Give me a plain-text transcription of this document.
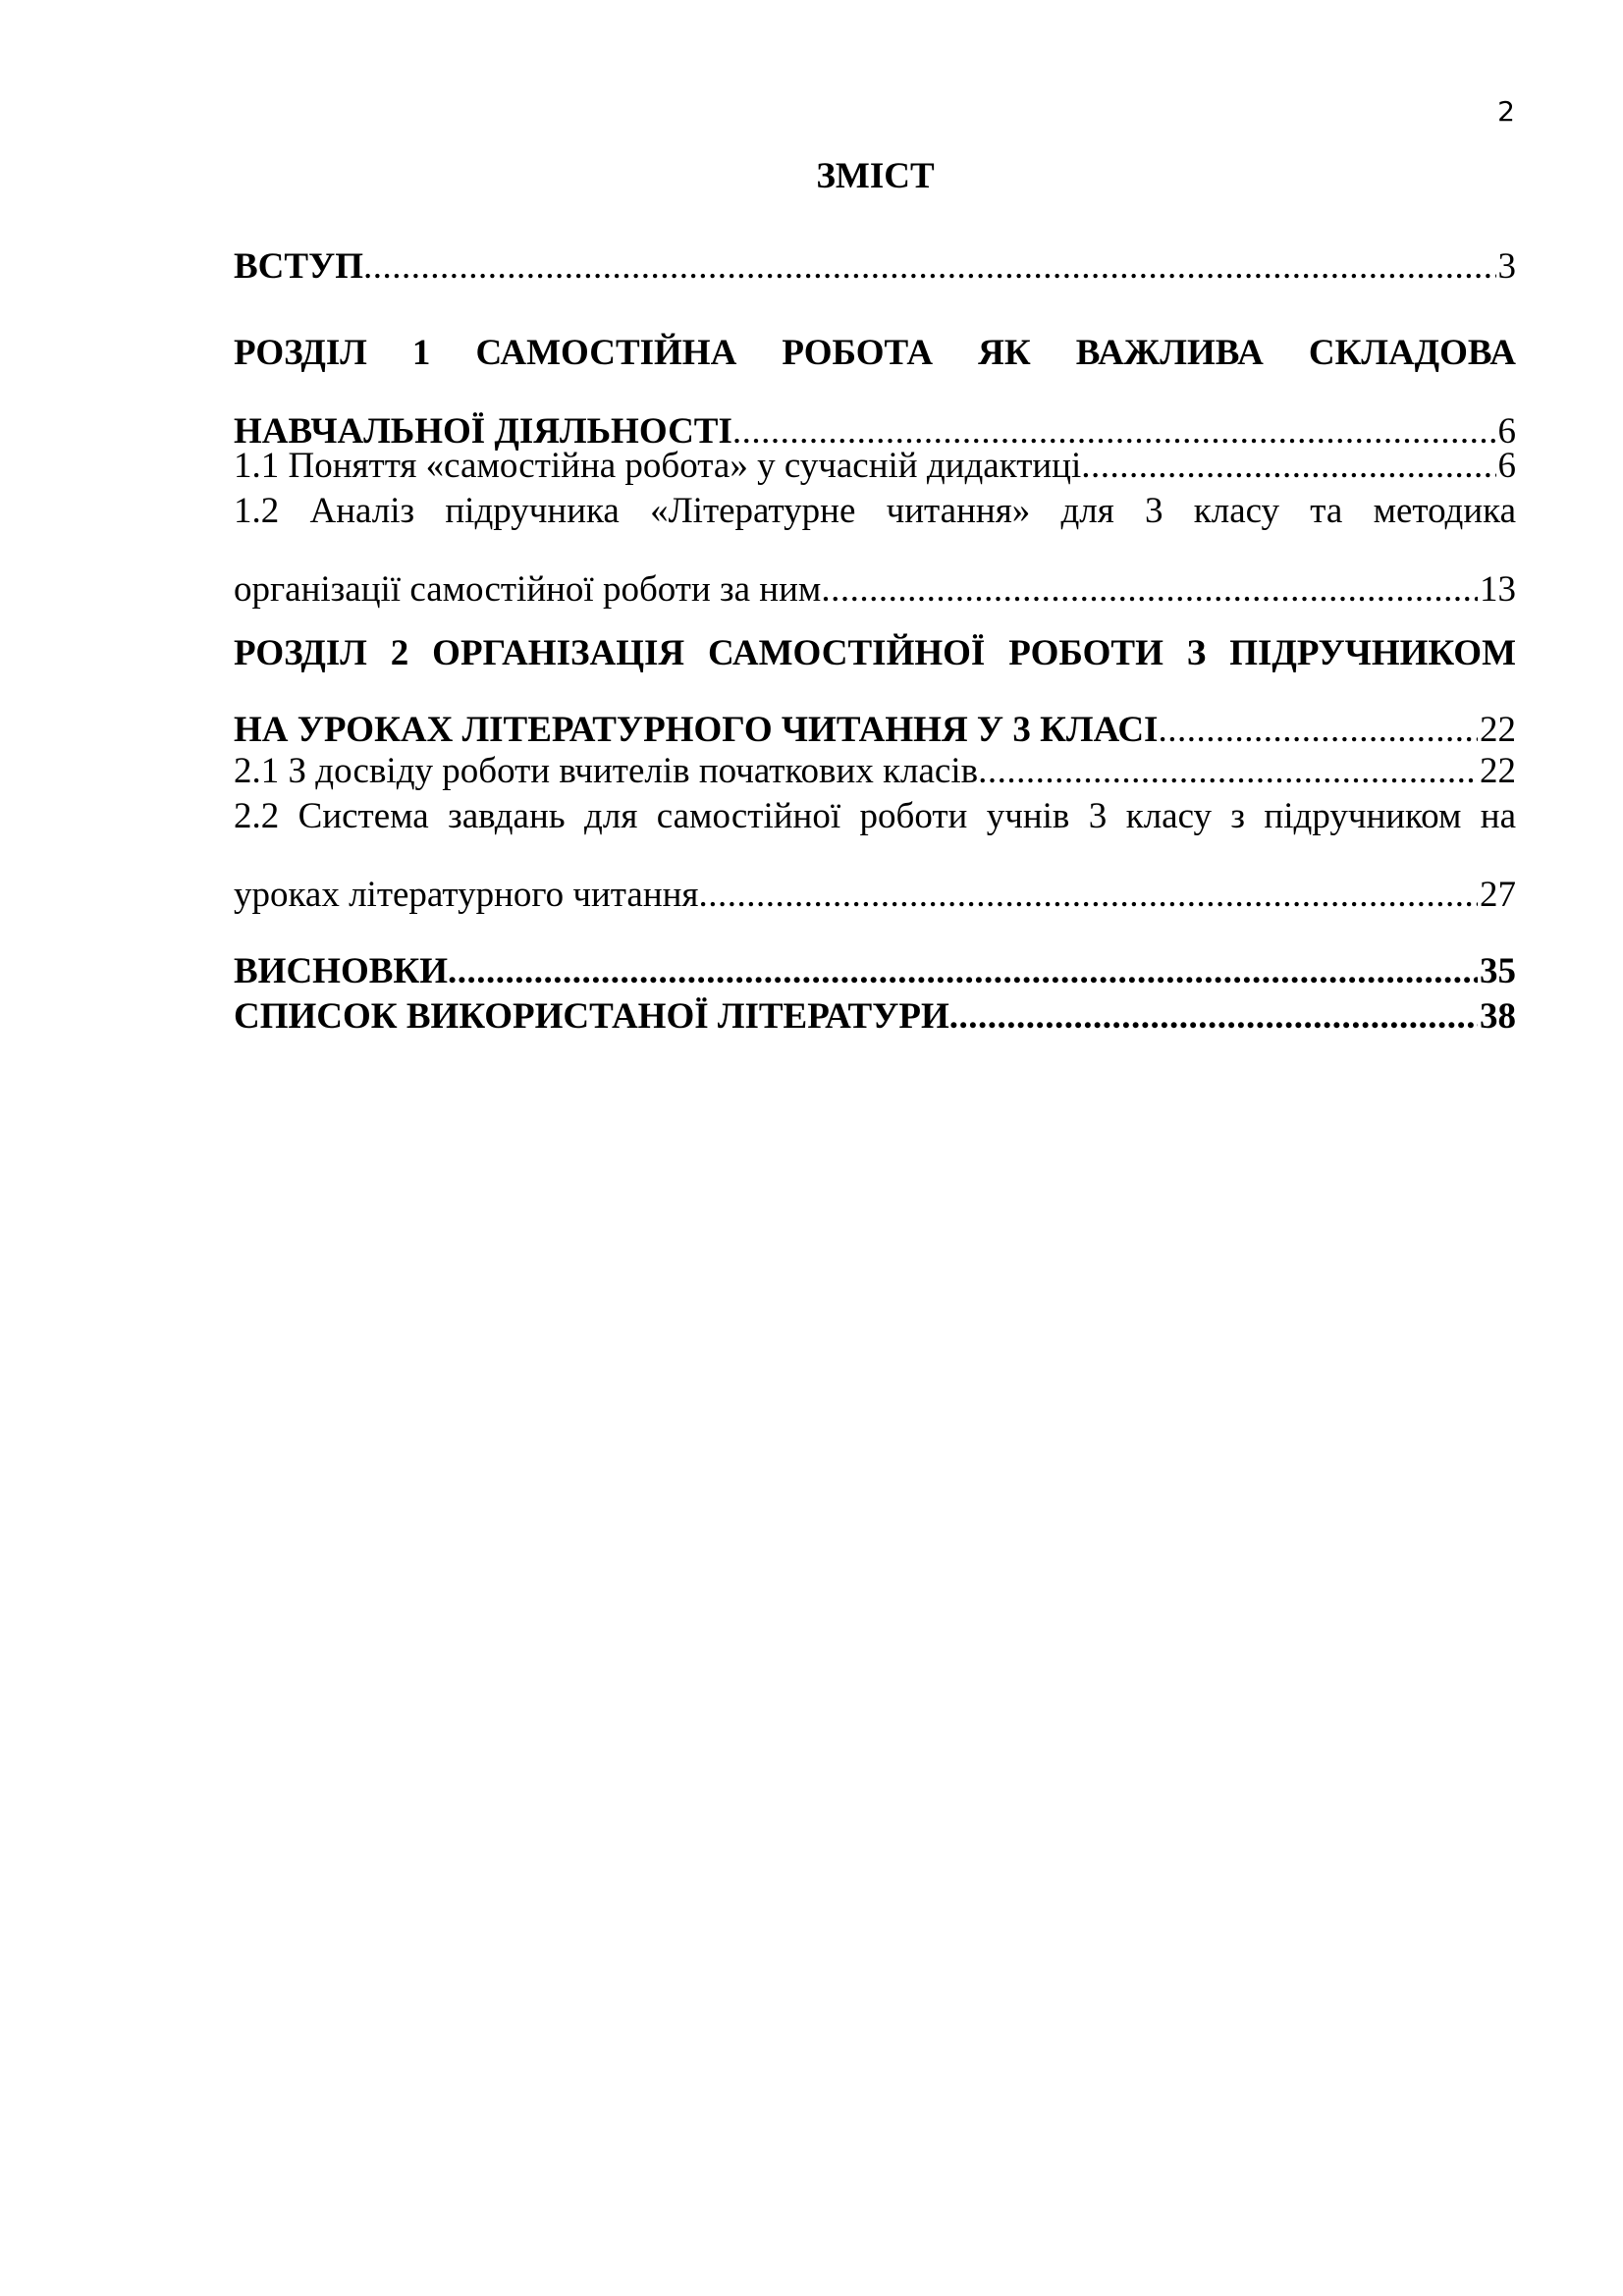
2
ЗМІСТ
ВСТУП .....	3
РОЗДІЛ 1 САМОСТІЙНА РОБОТА ЯК ВАЖЛИВА СКЛАДОВА
НАВЧАЛЬНОЇ ДІЯЛЬНОСТІ .....	6
1.1 Поняття «самостійна робота» у сучасній дидактиці .....	6
1.2 Аналіз підручника «Літературне читання» для 3 класу та методика
організації самостійної роботи за ним .....	13
РОЗДІЛ 2 ОРГАНІЗАЦІЯ САМОСТІЙНОЇ РОБОТИ З ПІДРУЧНИКОМ
НА УРОКАХ ЛІТЕРАТУРНОГО ЧИТАННЯ У 3 КЛАСІ .....	22
2.1 З досвіду роботи вчителів початкових класів .....	22
2.2 Система завдань для самостійної роботи учнів 3 класу з підручником на
уроках літературного читання .....	27
ВИСНОВКИ .....	35
СПИСОК ВИКОРИСТАНОЇ ЛІТЕРАТУРИ .....	38
